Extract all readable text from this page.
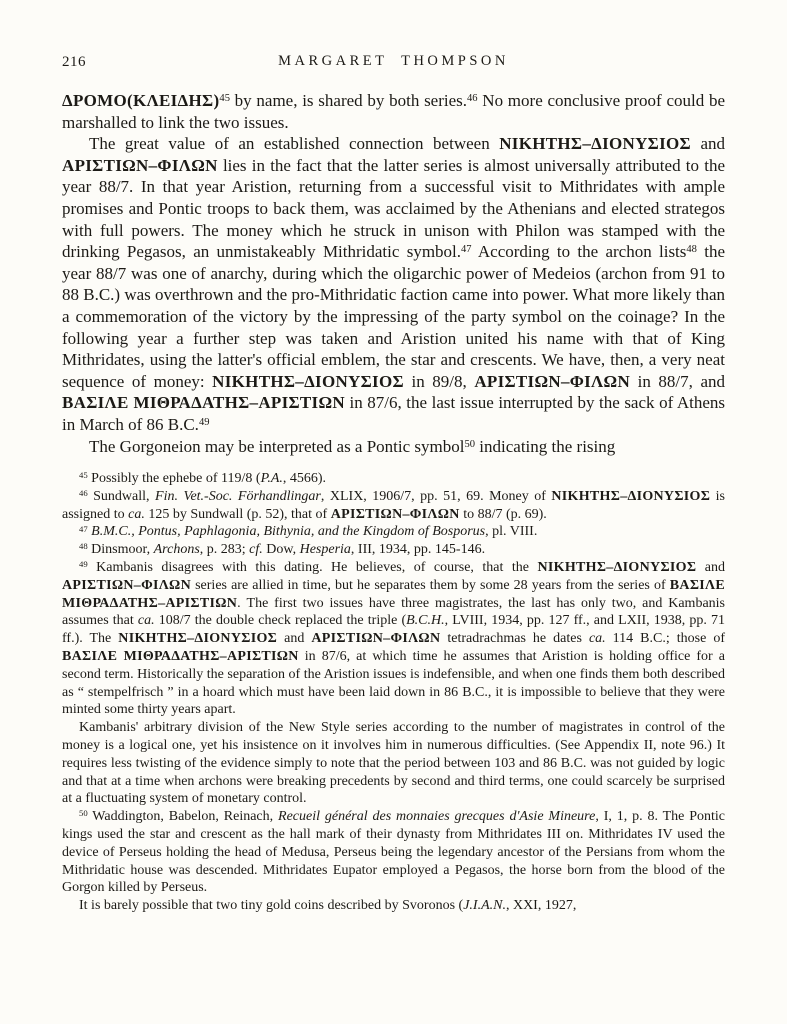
216	MARGARET THOMPSON

$\Delta POMO(K\Lambda EI\Delta H\Sigma)^{45}$ by name, is shared by both series.$^{46}$ No more conclusive proof could be marshalled to link the two issues.

The great value of an established connection between ΝΙΚΗΤΗΣ–ΔΙΟΝΥΣΙΟΣ and ΑΡΙΣΤΙΩΝ–ΦΙΛΩΝ lies in the fact that the latter series is almost universally attributed to the year 88/7. In that year Aristion, returning from a successful visit to Mithridates with ample promises and Pontic troops to back them, was acclaimed by the Athenians and elected strategos with full powers. The money which he struck in unison with Philon was stamped with the drinking Pegasos, an unmistakeably Mithridatic symbol.$^{47}$ According to the archon lists$^{48}$ the year 88/7 was one of anarchy, during which the oligarchic power of Medeios (archon from 91 to 88 B.C.) was overthrown and the pro-Mithridatic faction came into power. What more likely than a commemoration of the victory by the impressing of the party symbol on the coinage? In the following year a further step was taken and Aristion united his name with that of King Mithridates, using the latter's official emblem, the star and crescents. We have, then, a very neat sequence of money: ΝΙΚΗΤΗΣ–ΔΙΟΝΥΣΙΟΣ in 89/8, ΑΡΙΣΤΙΩΝ–ΦΙΛΩΝ in 88/7, and ΒΑΣΙΛΕ ΜΙΘΡΑΔΑΤΗΣ–ΑΡΙΣΤΙΩΝ in 87/6, the last issue interrupted by the sack of Athens in March of 86 B.C.$^{49}$

The Gorgoneion may be interpreted as a Pontic symbol$^{50}$ indicating the rising

$^{45}$ Possibly the ephebe of 119/8 (P.A., 4566).

$^{46}$ Sundwall, Fin. Vet.-Soc. Förhandlingar, XLIX, 1906/7, pp. 51, 69. Money of ΝΙΚΗΤΗΣ–ΔΙΟΝΥΣΙΟΣ is assigned to ca. 125 by Sundwall (p. 52), that of ΑΡΙΣΤΙΩΝ–ΦΙΛΩΝ to 88/7 (p. 69).

$^{47}$ B.M.C., Pontus, Paphlagonia, Bithynia, and the Kingdom of Bosporus, pl. VIII.

$^{48}$ Dinsmoor, Archons, p. 283; cf. Dow, Hesperia, III, 1934, pp. 145-146.

$^{49}$ Kambanis disagrees with this dating. He believes, of course, that the ΝΙΚΗΤΗΣ–ΔΙΟΝΥΣΙΟΣ and ΑΡΙΣΤΙΩΝ–ΦΙΛΩΝ series are allied in time, but he separates them by some 28 years from the series of ΒΑΣΙΛΕ ΜΙΘΡΑΔΑΤΗΣ–ΑΡΙΣΤΙΩΝ. The first two issues have three magistrates, the last has only two, and Kambanis assumes that ca. 108/7 the double check replaced the triple (B.C.H., LVIII, 1934, pp. 127 ff., and LXII, 1938, pp. 71 ff.). The ΝΙΚΗΤΗΣ–ΔΙΟΝΥΣΙΟΣ and ΑΡΙΣΤΙΩΝ–ΦΙΛΩΝ tetradrachmas he dates ca. 114 B.C.; those of ΒΑΣΙΛΕ ΜΙΘΡΑΔΑΤΗΣ–ΑΡΙΣΤΙΩΝ in 87/6, at which time he assumes that Aristion is holding office for a second term. Historically the separation of the Aristion issues is indefensible, and when one finds them both described as “ stempelfrisch ” in a hoard which must have been laid down in 86 B.C., it is impossible to believe that they were minted some thirty years apart.

Kambanis' arbitrary division of the New Style series according to the number of magistrates in control of the money is a logical one, yet his insistence on it involves him in numerous difficulties. (See Appendix II, note 96.) It requires less twisting of the evidence simply to note that the period between 103 and 86 B.C. was not guided by logic and that at a time when archons were breaking precedents by second and third terms, one could scarcely be surprised at a fluctuating system of monetary control.

$^{50}$ Waddington, Babelon, Reinach, Recueil général des monnaies grecques d'Asie Mineure, I, 1, p. 8. The Pontic kings used the star and crescent as the hall mark of their dynasty from Mithridates III on. Mithridates IV used the device of Perseus holding the head of Medusa, Perseus being the legendary ancestor of the Persians from whom the Mithridatic house was descended. Mithridates Eupator employed a Pegasos, the horse born from the blood of the Gorgon killed by Perseus.

It is barely possible that two tiny gold coins described by Svoronos (J.I.A.N., XXI, 1927,
